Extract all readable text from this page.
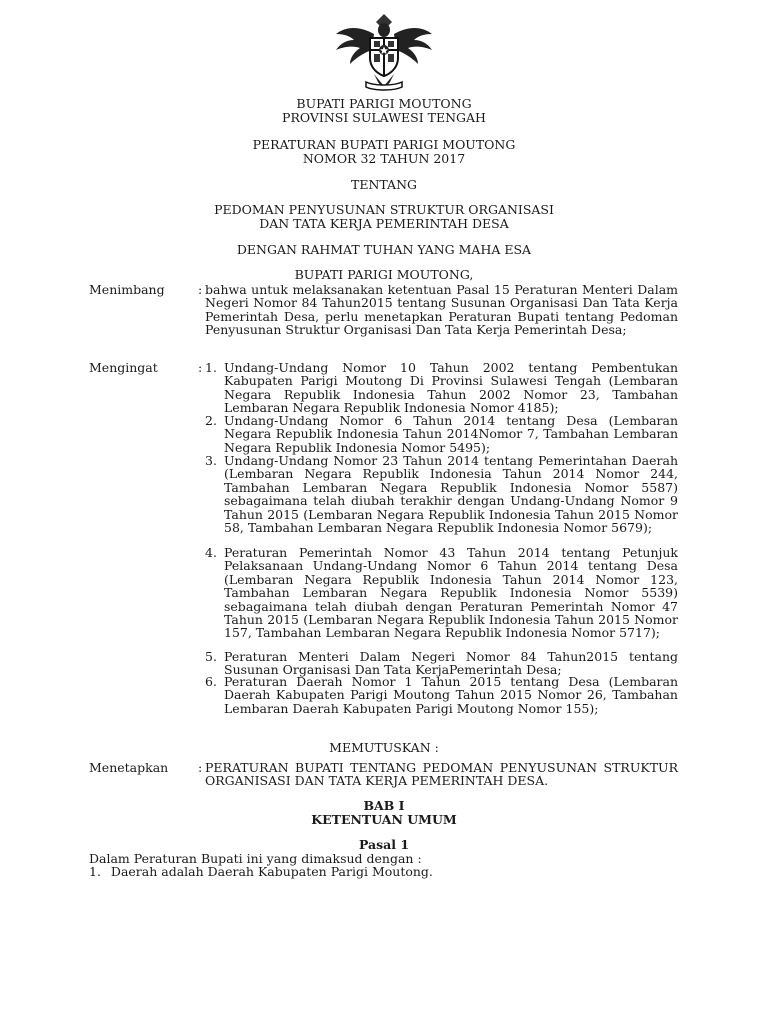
BUPATI PARIGI MOUTONG
PROVINSI SULAWESI TENGAH
PERATURAN BUPATI PARIGI MOUTONG
NOMOR 32 TAHUN 2017
TENTANG
PEDOMAN PENYUSUNAN STRUKTUR ORGANISASI
DAN TATA KERJA PEMERINTAH DESA
DENGAN RAHMAT TUHAN YANG MAHA ESA
BUPATI PARIGI MOUTONG,
Menimbang	: bahwa untuk melaksanakan ketentuan Pasal 15 Peraturan Menteri Dalam Negeri Nomor 84 Tahun2015 tentang Susunan Organisasi Dan Tata Kerja Pemerintah Desa, perlu menetapkan Peraturan Bupati tentang Pedoman Penyusunan Struktur Organisasi Dan Tata Kerja Pemerintah Desa;
Mengingat	: 1. Undang-Undang Nomor 10 Tahun 2002 tentang Pembentukan Kabupaten Parigi Moutong Di Provinsi Sulawesi Tengah (Lembaran Negara Republik Indonesia Tahun 2002 Nomor 23, Tambahan Lembaran Negara Republik Indonesia Nomor 4185);
2. Undang-Undang Nomor 6 Tahun 2014 tentang Desa (Lembaran Negara Republik Indonesia Tahun 2014Nomor 7, Tambahan Lembaran Negara Republik Indonesia Nomor 5495);
3. Undang-Undang Nomor 23 Tahun 2014 tentang Pemerintahan Daerah (Lembaran Negara Republik Indonesia Tahun 2014 Nomor 244, Tambahan Lembaran Negara Republik Indonesia Nomor 5587) sebagaimana telah diubah terakhir dengan Undang-Undang Nomor 9 Tahun 2015 (Lembaran Negara Republik Indonesia Tahun 2015 Nomor 58, Tambahan Lembaran Negara Republik Indonesia Nomor 5679);
4. Peraturan Pemerintah Nomor 43 Tahun 2014 tentang Petunjuk Pelaksanaan Undang-Undang Nomor 6 Tahun 2014 tentang Desa (Lembaran Negara Republik Indonesia Tahun 2014 Nomor 123, Tambahan Lembaran Negara Republik Indonesia Nomor 5539) sebagaimana telah diubah dengan Peraturan Pemerintah Nomor 47 Tahun 2015 (Lembaran Negara Republik Indonesia Tahun 2015 Nomor 157, Tambahan Lembaran Negara Republik Indonesia Nomor 5717);
5. Peraturan Menteri Dalam Negeri Nomor 84 Tahun2015 tentang Susunan Organisasi Dan Tata KerjaPemerintah Desa;
6. Peraturan Daerah Nomor 1 Tahun 2015 tentang Desa (Lembaran Daerah Kabupaten Parigi Moutong Tahun 2015 Nomor 26, Tambahan Lembaran Daerah Kabupaten Parigi Moutong Nomor 155);
MEMUTUSKAN :
Menetapkan : PERATURAN BUPATI TENTANG PEDOMAN PENYUSUNAN STRUKTUR ORGANISASI DAN TATA KERJA PEMERINTAH DESA.
BAB I
KETENTUAN UMUM
Pasal 1
Dalam Peraturan Bupati ini yang dimaksud dengan :
1. Daerah adalah Daerah Kabupaten Parigi Moutong.
